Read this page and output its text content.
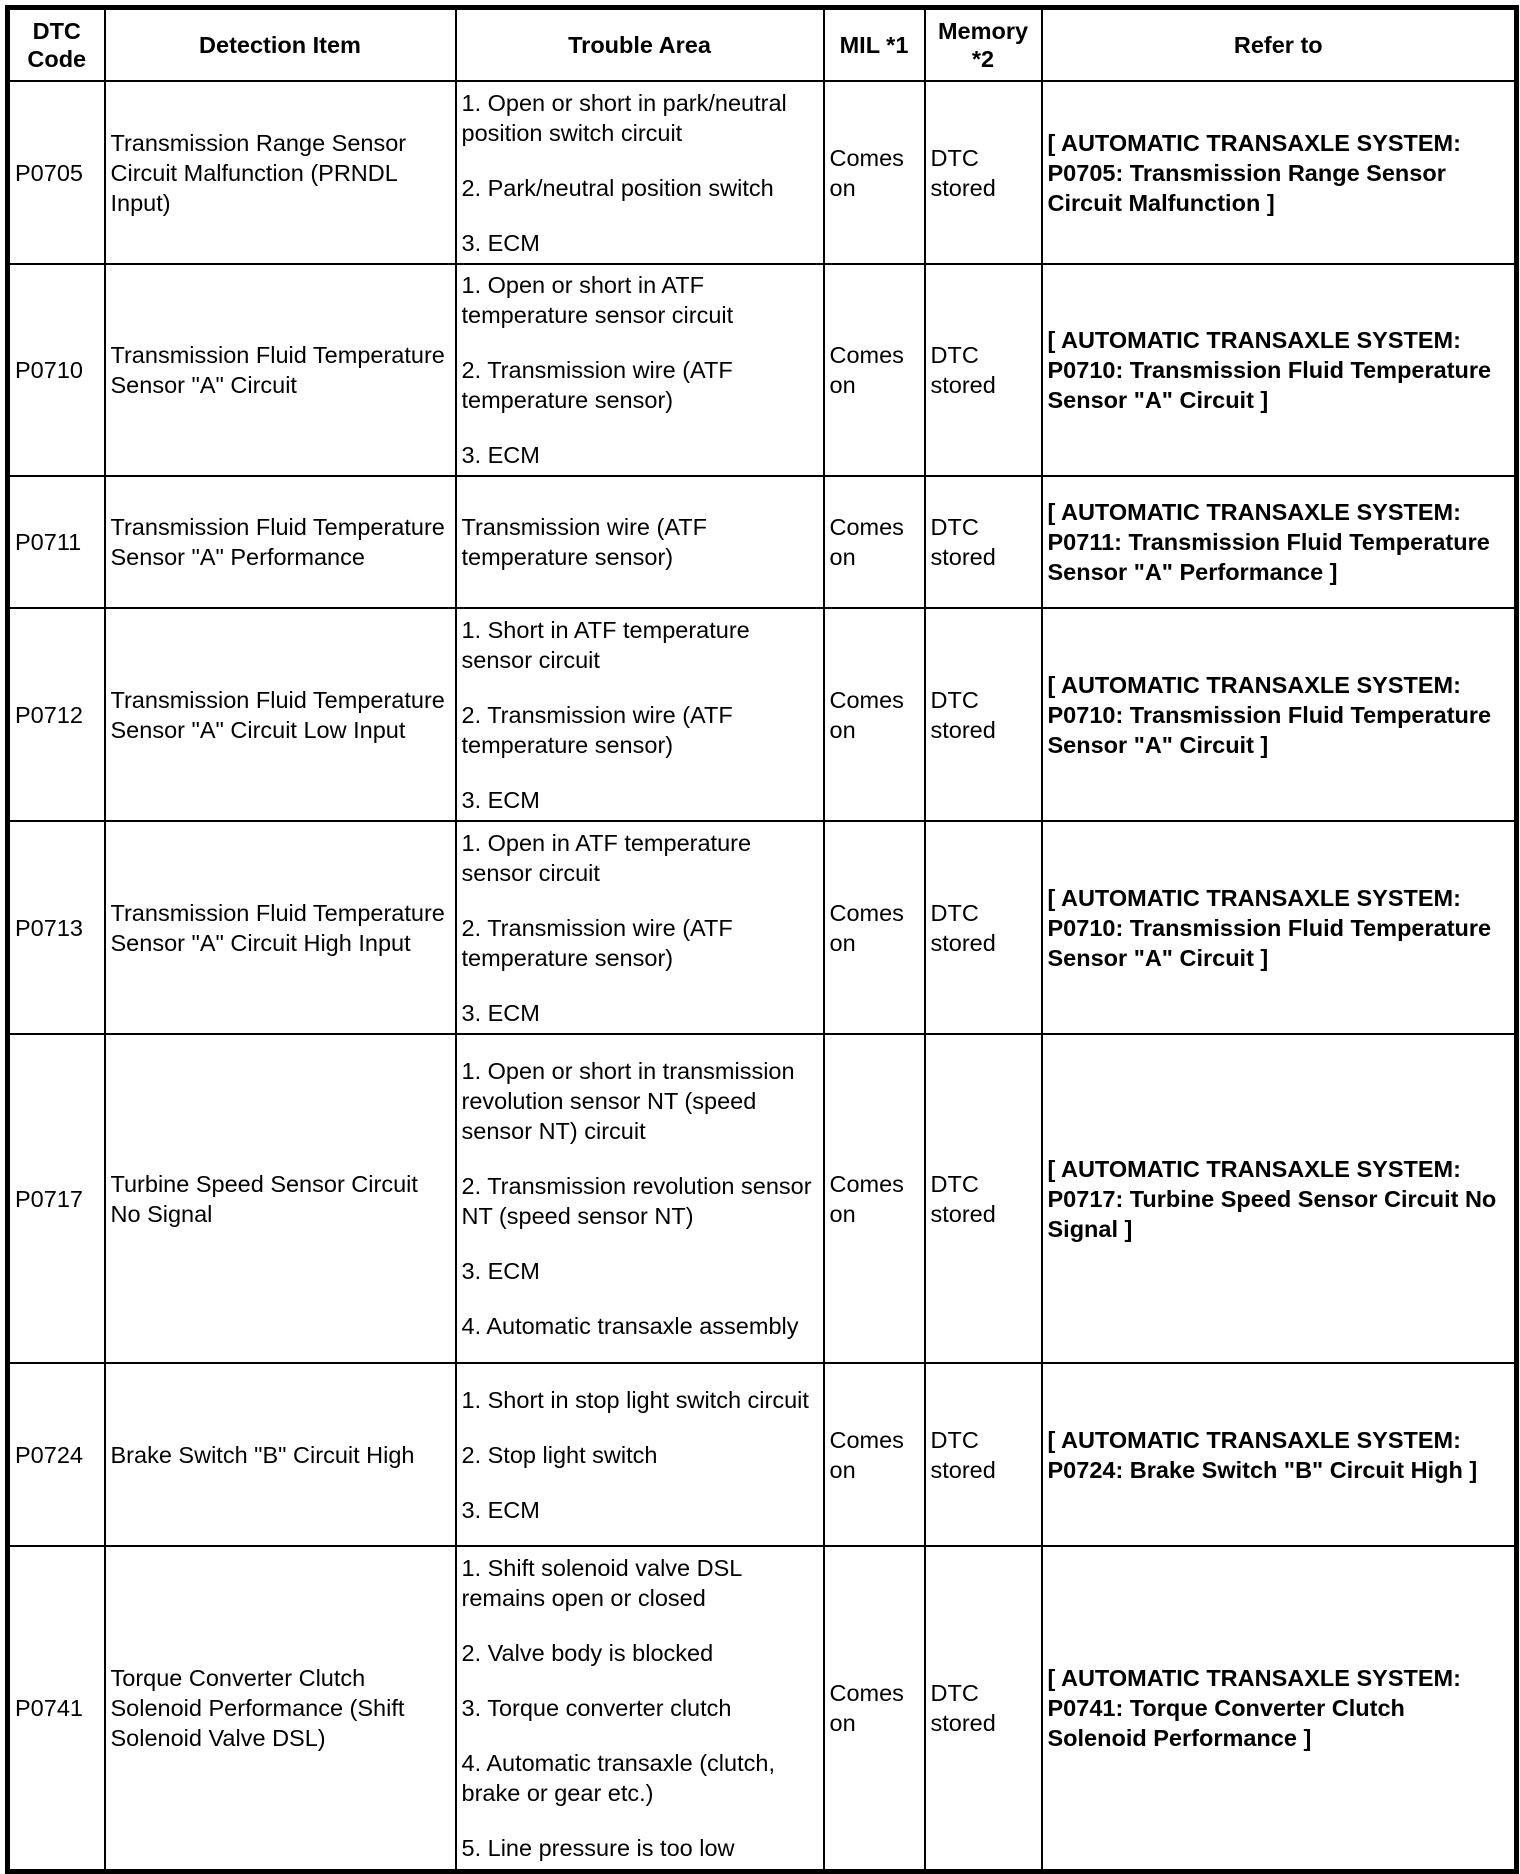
DTC Code	Detection Item	Trouble Area	MIL *1	Memory *2	Refer to
P0705	Transmission Range Sensor Circuit Malfunction (PRNDL Input)	1. Open or short in park/neutral position switch circuit

2. Park/neutral position switch

3. ECM	Comes on	DTC stored	[ AUTOMATIC TRANSAXLE SYSTEM: P0705: Transmission Range Sensor Circuit Malfunction ]
P0710	Transmission Fluid Temperature Sensor "A" Circuit	1. Open or short in ATF temperature sensor circuit

2. Transmission wire (ATF temperature sensor)

3. ECM	Comes on	DTC stored	[ AUTOMATIC TRANSAXLE SYSTEM: P0710: Transmission Fluid Temperature Sensor "A" Circuit ]
P0711	Transmission Fluid Temperature Sensor "A" Performance	Transmission wire (ATF temperature sensor)	Comes on	DTC stored	[ AUTOMATIC TRANSAXLE SYSTEM: P0711: Transmission Fluid Temperature Sensor "A" Performance ]
P0712	Transmission Fluid Temperature Sensor "A" Circuit Low Input	1. Short in ATF temperature sensor circuit

2. Transmission wire (ATF temperature sensor)

3. ECM	Comes on	DTC stored	[ AUTOMATIC TRANSAXLE SYSTEM: P0710: Transmission Fluid Temperature Sensor "A" Circuit ]
P0713	Transmission Fluid Temperature Sensor "A" Circuit High Input	1. Open in ATF temperature sensor circuit

2. Transmission wire (ATF temperature sensor)

3. ECM	Comes on	DTC stored	[ AUTOMATIC TRANSAXLE SYSTEM: P0710: Transmission Fluid Temperature Sensor "A" Circuit ]
P0717	Turbine Speed Sensor Circuit No Signal	1. Open or short in transmission revolution sensor NT (speed sensor NT) circuit

2. Transmission revolution sensor NT (speed sensor NT)

3. ECM

4. Automatic transaxle assembly	Comes on	DTC stored	[ AUTOMATIC TRANSAXLE SYSTEM: P0717: Turbine Speed Sensor Circuit No Signal ]
P0724	Brake Switch "B" Circuit High	1. Short in stop light switch circuit

2. Stop light switch

3. ECM	Comes on	DTC stored	[ AUTOMATIC TRANSAXLE SYSTEM: P0724: Brake Switch "B" Circuit High ]
P0741	Torque Converter Clutch Solenoid Performance (Shift Solenoid Valve DSL)	1. Shift solenoid valve DSL remains open or closed

2. Valve body is blocked

3. Torque converter clutch

4. Automatic transaxle (clutch, brake or gear etc.)

5. Line pressure is too low	Comes on	DTC stored	[ AUTOMATIC TRANSAXLE SYSTEM: P0741: Torque Converter Clutch Solenoid Performance ]
